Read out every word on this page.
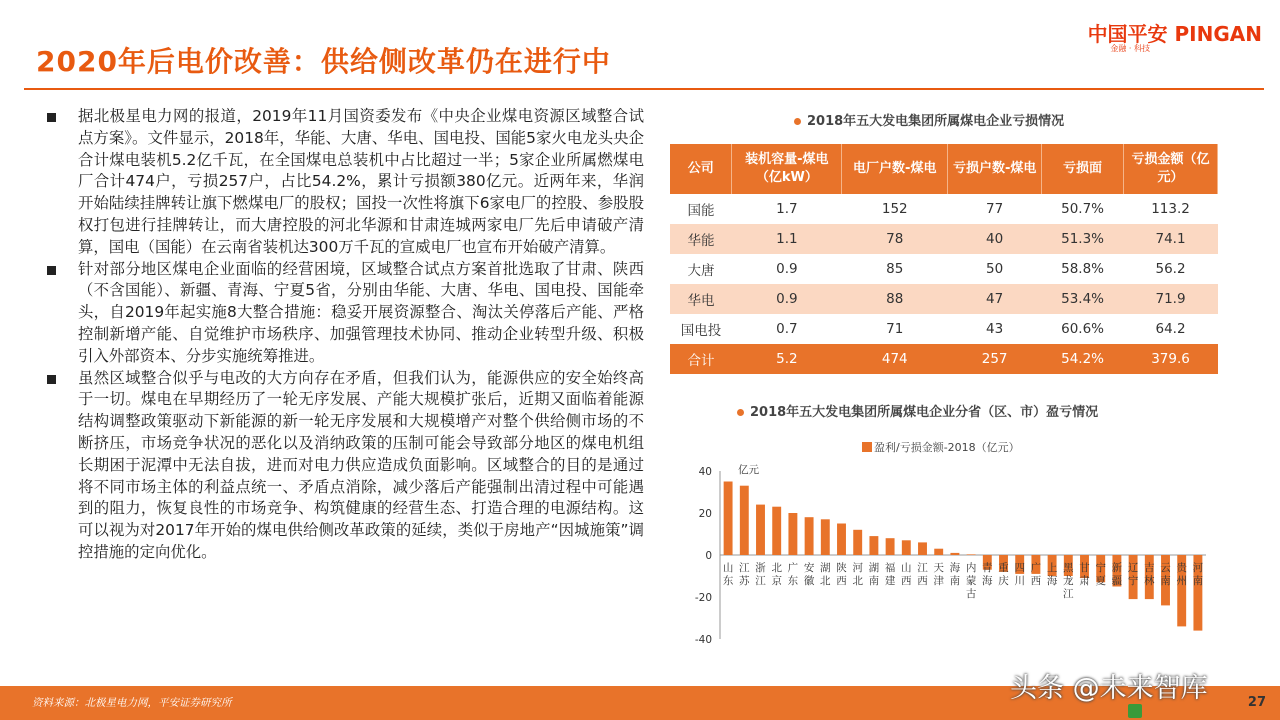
中国平安 PINGAN
金融 · 科技
2020年后电价改善：供给侧改革仍在进行中
据北极星电力网的报道，2019年11月国资委发布《中央企业煤电资源区域整合试点方案》。文件显示，2018年，华能、大唐、华电、国电投、国能5家火电龙头央企合计煤电装机5.2亿千瓦，在全国煤电总装机中占比超过一半；5家企业所属燃煤电厂合计474户，亏损257户，占比54.2%，累计亏损额380亿元。近两年来，华润开始陆续挂牌转让旗下燃煤电厂的股权；国投一次性将旗下6家电厂的控股、参股股权打包进行挂牌转让，而大唐控股的河北华源和甘肃连城两家电厂先后申请破产清算，国电（国能）在云南省装机达300万千瓦的宣威电厂也宣布开始破产清算。
针对部分地区煤电企业面临的经营困境，区域整合试点方案首批选取了甘肃、陕西（不含国能）、新疆、青海、宁夏5省，分别由华能、大唐、华电、国电投、国能牵头，自2019年起实施8大整合措施：稳妥开展资源整合、淘汰关停落后产能、严格控制新增产能、自觉维护市场秩序、加强管理技术协同、推动企业转型升级、积极引入外部资本、分步实施统筹推进。
虽然区域整合似乎与电改的大方向存在矛盾，但我们认为，能源供应的安全始终高于一切。煤电在早期经历了一轮无序发展、产能大规模扩张后，近期又面临着能源结构调整政策驱动下新能源的新一轮无序发展和大规模增产对整个供给侧市场的不断挤压，市场竞争状况的恶化以及消纳政策的压制可能会导致部分地区的煤电机组长期困于泥潭中无法自拔，进而对电力供应造成负面影响。区域整合的目的是通过将不同市场主体的利益点统一、矛盾点消除，减少落后产能强制出清过程中可能遇到的阻力，恢复良性的市场竞争、构筑健康的经营生态、打造合理的电源结构。这可以视为对2017年开始的煤电供给侧改革政策的延续，类似于房地产“因城施策”调控措施的定向优化。
2018年五大发电集团所属煤电企业亏损情况
公司	装机容量-煤电（亿kW）	电厂户数-煤电	亏损户数-煤电	亏损面	亏损金额（亿元）
国能	1.7	152	77	50.7%	113.2
华能	1.1	78	40	51.3%	74.1
大唐	0.9	85	50	58.8%	56.2
华电	0.9	88	47	53.4%	71.9
国电投	0.7	71	43	60.6%	64.2
合计	5.2	474	257	54.2%	379.6
2018年五大发电集团所属煤电企业分省（区、市）盈亏情况
盈利/亏损金额-2018（亿元）
40
20
0
-20
-40
亿元
山东
江苏
浙江
北京
广东
安徽
湖北
陕西
河北
湖南
福建
山西
江西
天津
海南
内蒙古
青海
重庆
四川
广西
上海
黑龙江
甘肃
宁夏
新疆
辽宁
吉林
云南
贵州
河南
资料来源：北极星电力网，平安证券研究所	头条 @未来智库	27
